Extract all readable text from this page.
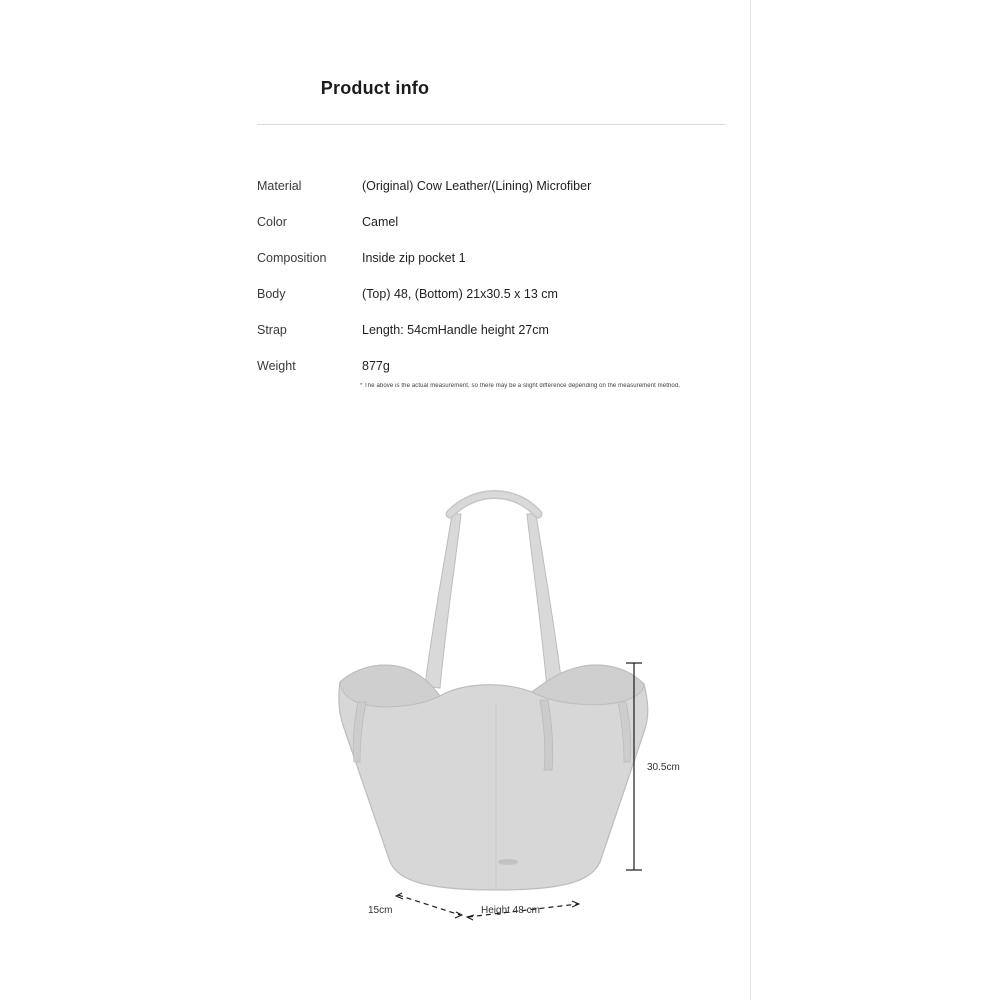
Product info
Material	(Original) Cow Leather/(Lining) Microfiber
Color	Camel
Composition	Inside zip pocket 1
Body	(Top) 48, (Bottom) 21x30.5 x 13 cm
Strap	Length: 54cmHandle height 27cm
Weight	877g
* The above is the actual measurement, so there may be a slight difference depending on the measurement method.
30.5cm
15cm	Height 48 cm
